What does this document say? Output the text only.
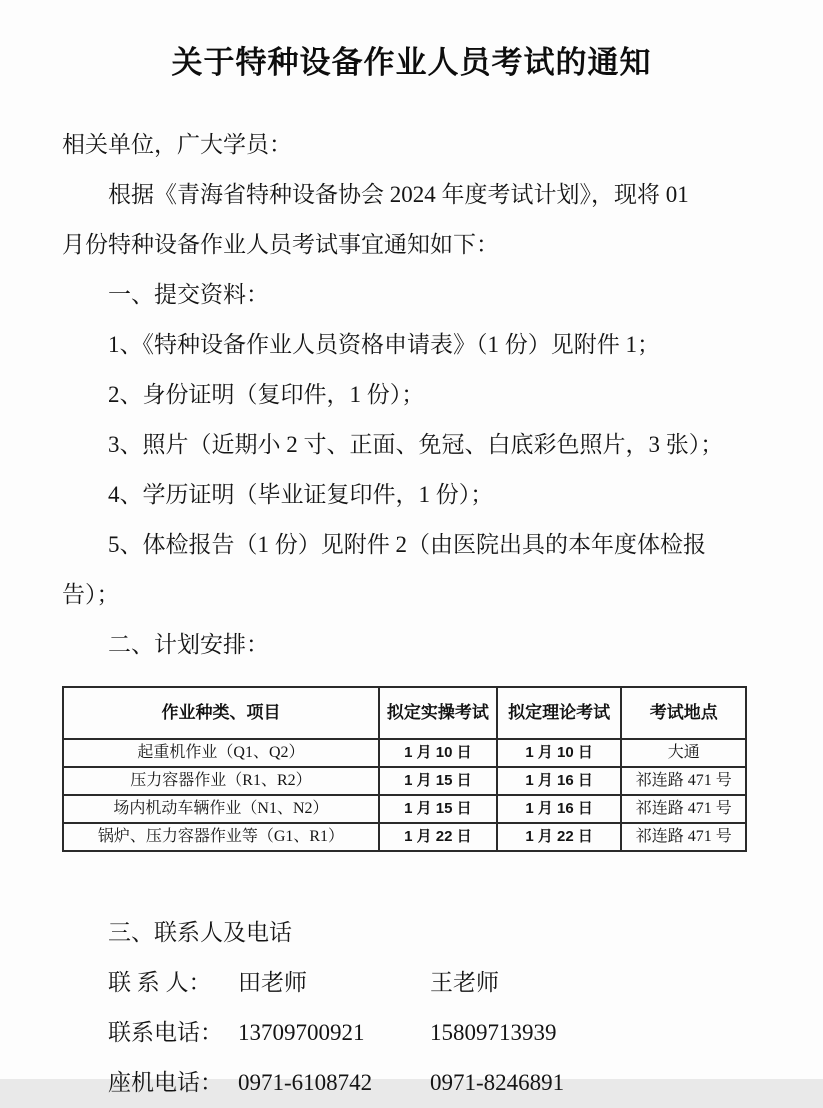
关于特种设备作业人员考试的通知

相关单位，广大学员：

根据《青海省特种设备协会 2024 年度考试计划》，现将 01

月份特种设备作业人员考试事宜通知如下：

一、提交资料：

1、《特种设备作业人员资格申请表》（1 份）见附件 1；

2、身份证明（复印件，1 份）；

3、照片（近期小 2 寸、正面、免冠、白底彩色照片，3 张）；

4、学历证明（毕业证复印件，1 份）；

5、体检报告（1 份）见附件 2（由医院出具的本年度体检报

告）；

二、计划安排：

作业种类、项目	拟定实操考试	拟定理论考试	考试地点
起重机作业（Q1、Q2）	1 月 10 日	1 月 10 日	大通
压力容器作业（R1、R2）	1 月 15 日	1 月 16 日	祁连路 471 号
场内机动车辆作业（N1、N2）	1 月 15 日	1 月 16 日	祁连路 471 号
锅炉、压力容器作业等（G1、R1）	1 月 22 日	1 月 22 日	祁连路 471 号

三、联系人及电话

联 系 人：	田老师	王老师
联系电话： 13709700921	15809713939
座机电话： 0971-6108742	0971-8246891
